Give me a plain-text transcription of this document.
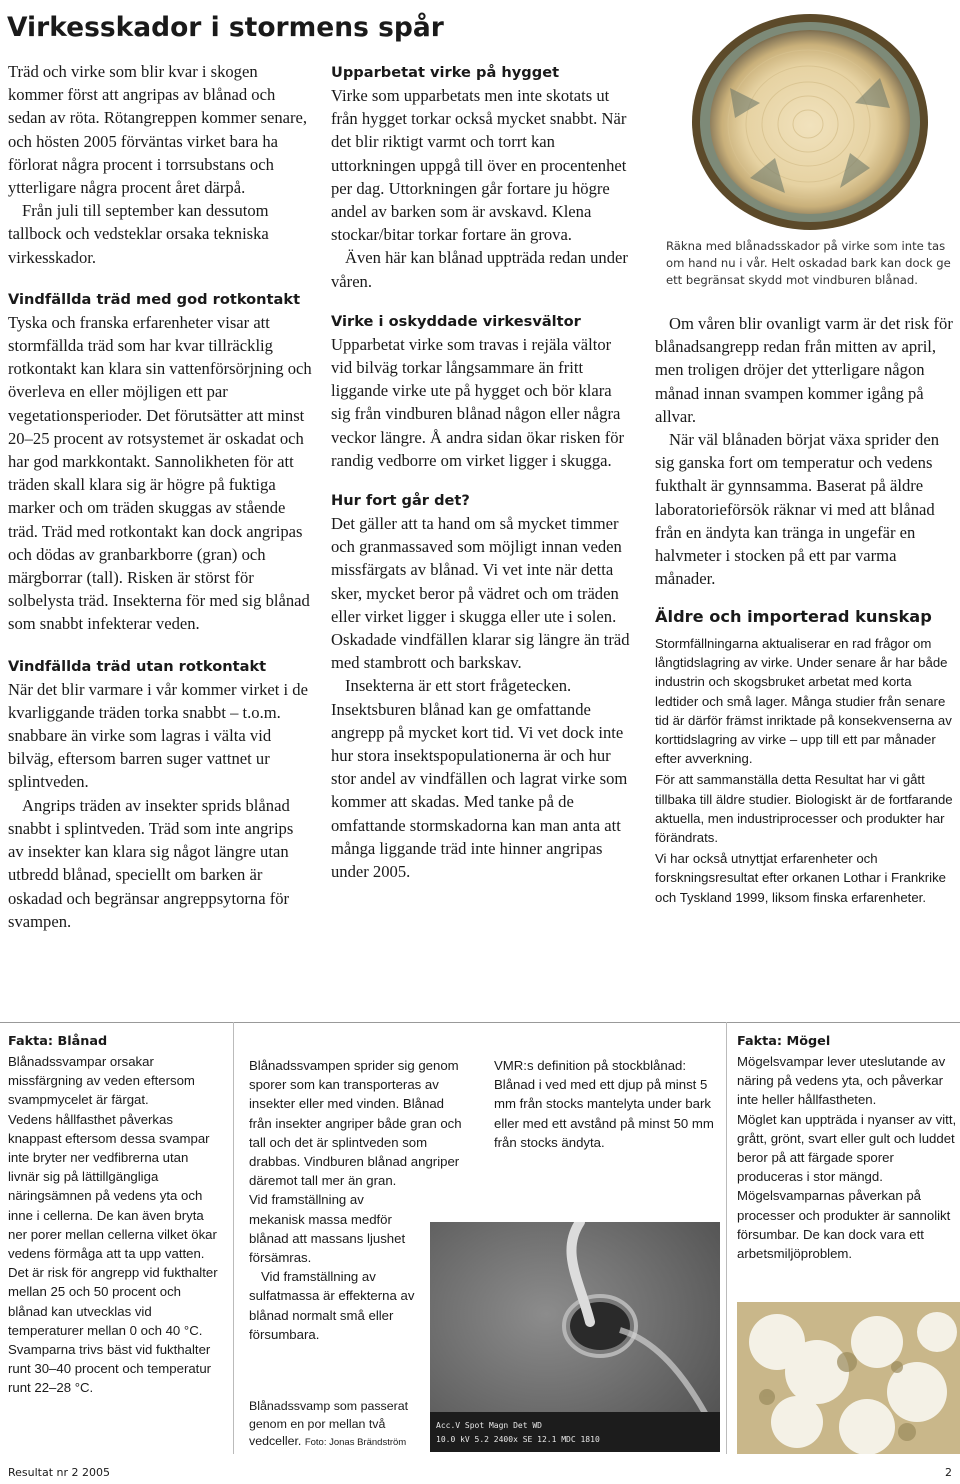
Virkesskador i stormens spår

Träd och virke som blir kvar i skogen kommer först att angripas av blånad och sedan av röta. Rötangreppen kommer senare, och hösten 2005 förväntas virket bara ha förlorat några procent i torrsubstans och ytterligare några procent året därpå.

Från juli till september kan dessutom tallbock och vedsteklar orsaka tekniska virkesskador.

Vindfällda träd med god rotkontakt

Tyska och franska erfarenheter visar att stormfällda träd som har kvar tillräcklig rotkontakt kan klara sin vattenförsörjning och överleva en eller möjligen ett par vegetationsperioder. Det förutsätter att minst 20–25 procent av rotsystemet är oskadat och har god markkontakt. Sannolikheten för att träden skall klara sig är högre på fuktiga marker och om träden skuggas av stående träd. Träd med rotkontakt kan dock angripas och dödas av granbarkborre (gran) och märgborrar (tall). Risken är störst för solbelysta träd. Insekterna för med sig blånad som snabbt infekterar veden.

Vindfällda träd utan rotkontakt

När det blir varmare i vår kommer virket i de kvarliggande träden torka snabbt – t.o.m. snabbare än virke som lagras i välta vid bilväg, eftersom barren suger vattnet ur splintveden.

Angrips träden av insekter sprids blånad snabbt i splintveden. Träd som inte angrips av insekter kan klara sig något längre utan utbredd blånad, speciellt om barken är oskadad och begränsar angreppsytorna för svampen.

Upparbetat virke på hygget

Virke som upparbetats men inte skotats ut från hygget torkar också mycket snabbt. När det blir riktigt varmt och torrt kan uttorkningen uppgå till över en procentenhet per dag. Uttorkningen går fortare ju högre andel av barken som är avskavd. Klena stockar/bitar torkar fortare än grova.

Även här kan blånad uppträda redan under våren.

Virke i oskyddade virkesvältor

Upparbetat virke som travas i rejäla vältor vid bilväg torkar långsammare än fritt liggande virke ute på hygget och bör klara sig från vindburen blånad någon eller några veckor längre. Å andra sidan ökar risken för randig vedborre om virket ligger i skugga.

Hur fort går det?

Det gäller att ta hand om så mycket timmer och granmassaved som möjligt innan veden missfärgats av blånad. Vi vet inte när detta sker, mycket beror på vädret och om träden eller virket ligger i skugga eller ute i solen. Oskadade vindfällen klarar sig längre än träd med stambrott och barkskav.

Insekterna är ett stort frågetecken. Insektsburen blånad kan ge omfattande angrepp på mycket kort tid. Vi vet dock inte hur stora insektspopulationerna är och hur stor andel av vindfällen och lagrat virke som kommer att skadas. Med tanke på de omfattande stormskadorna kan man anta att många liggande träd inte hinner angripas under 2005.

Räkna med blånadsskador på virke som inte tas om hand nu i vår. Helt oskadad bark kan dock ge ett begränsat skydd mot vindburen blånad.

Om våren blir ovanligt varm är det risk för blånadsangrepp redan från mitten av april, men troligen dröjer det ytterligare någon månad innan svampen kommer igång på allvar.

När väl blånaden börjat växa sprider den sig ganska fort om temperatur och vedens fukthalt är gynnsamma. Baserat på äldre laboratorieförsök räknar vi med att blånad från en ändyta kan tränga in ungefär en halvmeter i stocken på ett par varma månader.

Äldre och importerad kunskap

Stormfällningarna aktualiserar en rad frågor om långtidslagring av virke. Under senare år har både industrin och skogsbruket arbetat med korta ledtider och små lager. Många studier från senare tid är därför främst inriktade på konsekvenserna av korttidslagring av virke – upp till ett par månader efter avverkning.

För att sammanställa detta Resultat har vi gått tillbaka till äldre studier. Biologiskt är de fortfarande aktuella, men industriprocesser och produkter har förändrats.

Vi har också utnyttjat erfarenheter och forskningsresultat efter orkanen Lothar i Frankrike och Tyskland 1999, liksom finska erfarenheter.

Fakta: Blånad

Blånadssvampar orsakar missfärgning av veden eftersom svampmycelet är färgat.

Vedens hållfasthet påverkas knappast eftersom dessa svampar inte bryter ner vedfibrerna utan livnär sig på lättillgängliga näringsämnen på vedens yta och inne i cellerna. De kan även bryta ner porer mellan cellerna vilket ökar vedens förmåga att ta upp vatten.

Det är risk för angrepp vid fukthalter mellan 25 och 50 procent och blånad kan utvecklas vid temperaturer mellan 0 och 40 °C. Svamparna trivs bäst vid fukthalter runt 30–40 procent och temperatur runt 22–28 °C.

Blånadssvampen sprider sig genom sporer som kan transporteras av insekter eller med vinden. Blånad från insekter angriper både gran och tall och det är splintveden som drabbas. Vindburen blånad angriper däremot tall mer än gran.

Vid framställning av mekanisk massa medför blånad att massans ljushet försämras.

Vid framställning av sulfatmassa är effekterna av blånad normalt små eller försumbara.

VMR:s definition på stockblånad: Blånad i ved med ett djup på minst 5 mm från stocks mantelyta under bark eller med ett avstånd på minst 50 mm från stocks ändyta.
Acc.V Spot Magn Det WD
10.0 kV 5.2 2400x SE 12.1 MDC 1810
Blånadssvamp som passerat genom en por mellan två vedceller. Foto: Jonas Brändström
Fakta: Mögel

Mögelsvampar lever uteslutande av näring på vedens yta, och påverkar inte heller hållfastheten.

Möglet kan uppträda i nyanser av vitt, grått, grönt, svart eller gult och luddet beror på att färgade sporer produceras i stor mängd.

Mögelsvamparnas påverkan på processer och produkter är sannolikt försumbar. De kan dock vara ett arbetsmiljöproblem.

Resultat nr 2 2005	2
